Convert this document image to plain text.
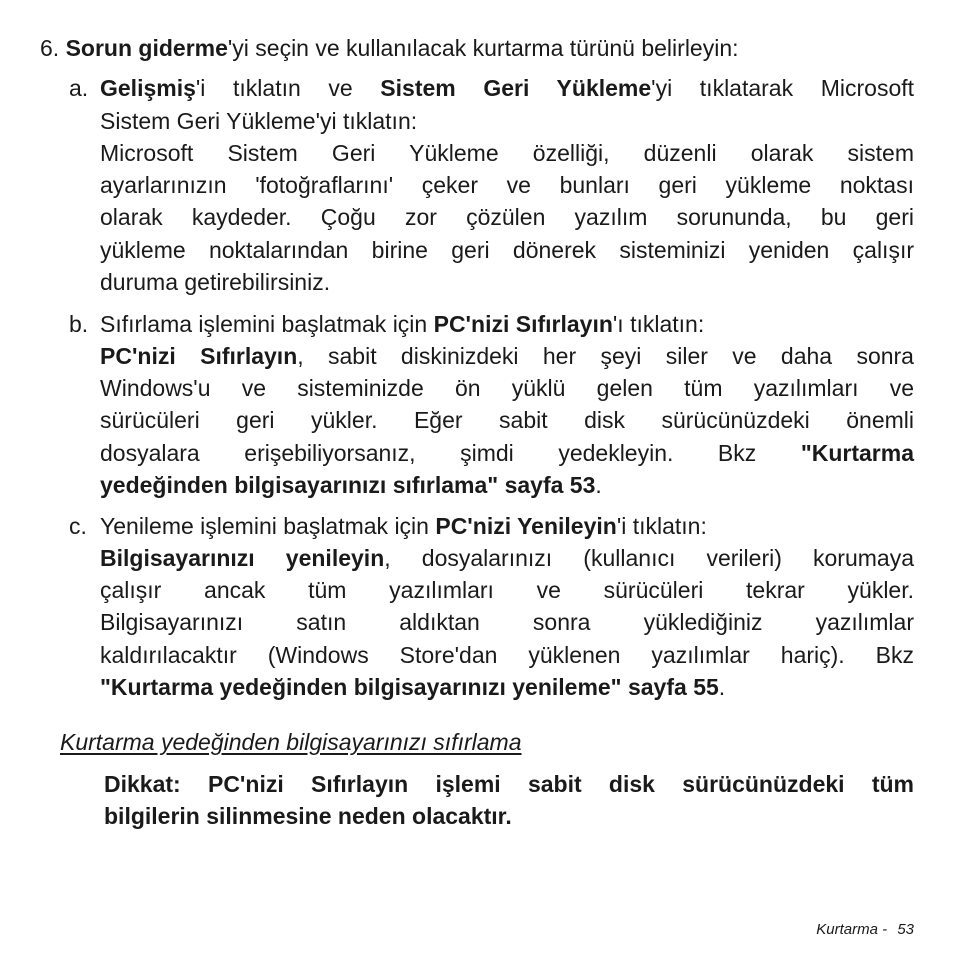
6. Sorun giderme'yi seçin ve kullanılacak kurtarma türünü belirleyin:
a. Gelişmiş'i tıklatın ve Sistem Geri Yükleme'yi tıklatarak Microsoft
Sistem Geri Yükleme'yi tıklatın:
Microsoft Sistem Geri Yükleme özelliği, düzenli olarak sistem
ayarlarınızın 'fotoğraflarını' çeker ve bunları geri yükleme noktası
olarak kaydeder. Çoğu zor çözülen yazılım sorununda, bu geri
yükleme noktalarından birine geri dönerek sisteminizi yeniden çalışır
duruma getirebilirsiniz.
b. Sıfırlama işlemini başlatmak için PC'nizi Sıfırlayın'ı tıklatın:
PC'nizi Sıfırlayın, sabit diskinizdeki her şeyi siler ve daha sonra
Windows'u ve sisteminizde ön yüklü gelen tüm yazılımları ve
sürücüleri geri yükler. Eğer sabit disk sürücünüzdeki önemli
dosyalara erişebiliyorsanız, şimdi yedekleyin. Bkz "Kurtarma
yedeğinden bilgisayarınızı sıfırlama" sayfa 53.
c. Yenileme işlemini başlatmak için PC'nizi Yenileyin'i tıklatın:
Bilgisayarınızı yenileyin, dosyalarınızı (kullanıcı verileri) korumaya
çalışır ancak tüm yazılımları ve sürücüleri tekrar yükler.
Bilgisayarınızı satın aldıktan sonra yüklediğiniz yazılımlar
kaldırılacaktır (Windows Store'dan yüklenen yazılımlar hariç). Bkz
"Kurtarma yedeğinden bilgisayarınızı yenileme" sayfa 55.
Kurtarma yedeğinden bilgisayarınızı sıfırlama
Dikkat: PC'nizi Sıfırlayın işlemi sabit disk sürücünüzdeki tüm
bilgilerin silinmesine neden olacaktır.
Kurtarma - 53
